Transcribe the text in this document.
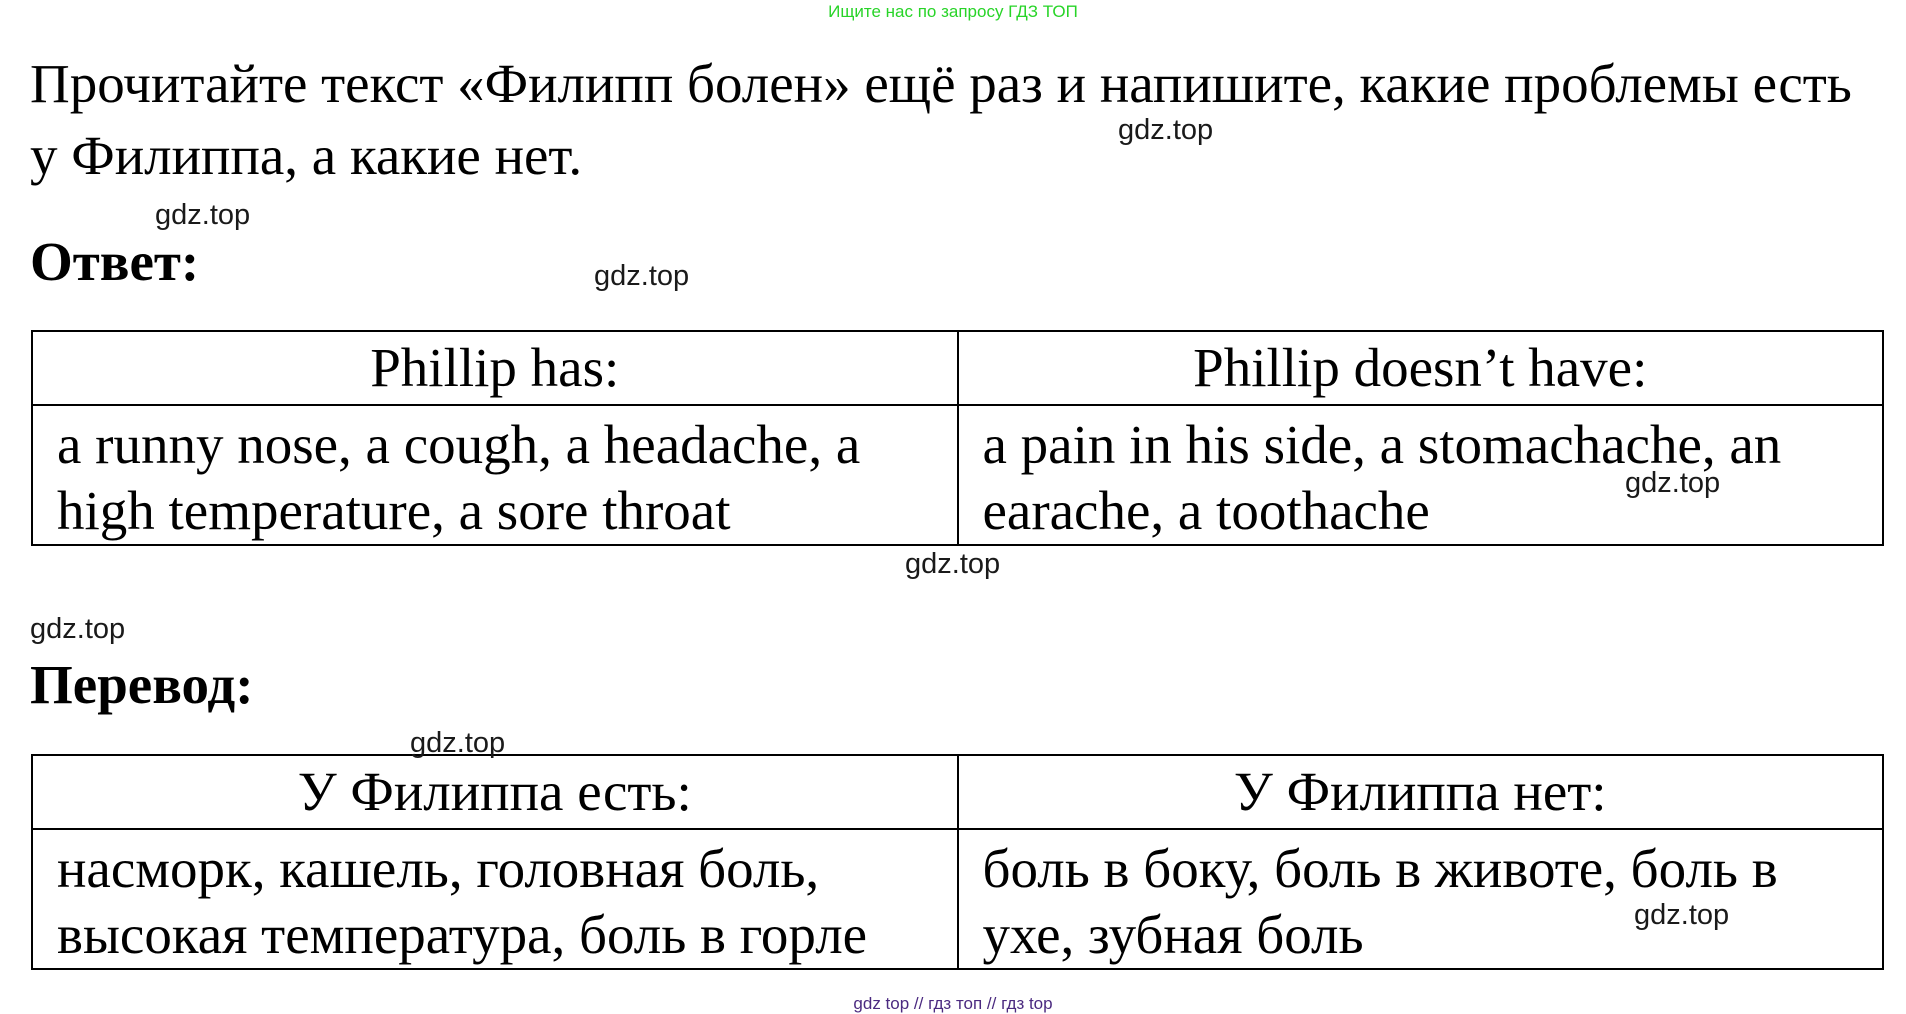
Ищите нас по запросу ГДЗ ТОП
Прочитайте текст «Филипп болен» ещё раз и напишите, какие проблемы есть у Филиппа, а какие нет.
Ответ:
Phillip has:	Phillip doesn’t have:
a runny nose, a cough, a headache, a high temperature, a sore throat	a pain in his side, a stomachache, an earache, a toothache
Перевод:
У Филиппа есть:	У Филиппа нет:
насморк, кашель, головная боль, высокая температура, боль в горле	боль в боку, боль в животе, боль в ухе, зубная боль
gdz.top
gdz.top
gdz.top
gdz.top
gdz.top
gdz.top
gdz.top
gdz.top
gdz top // гдз топ // гдз top
